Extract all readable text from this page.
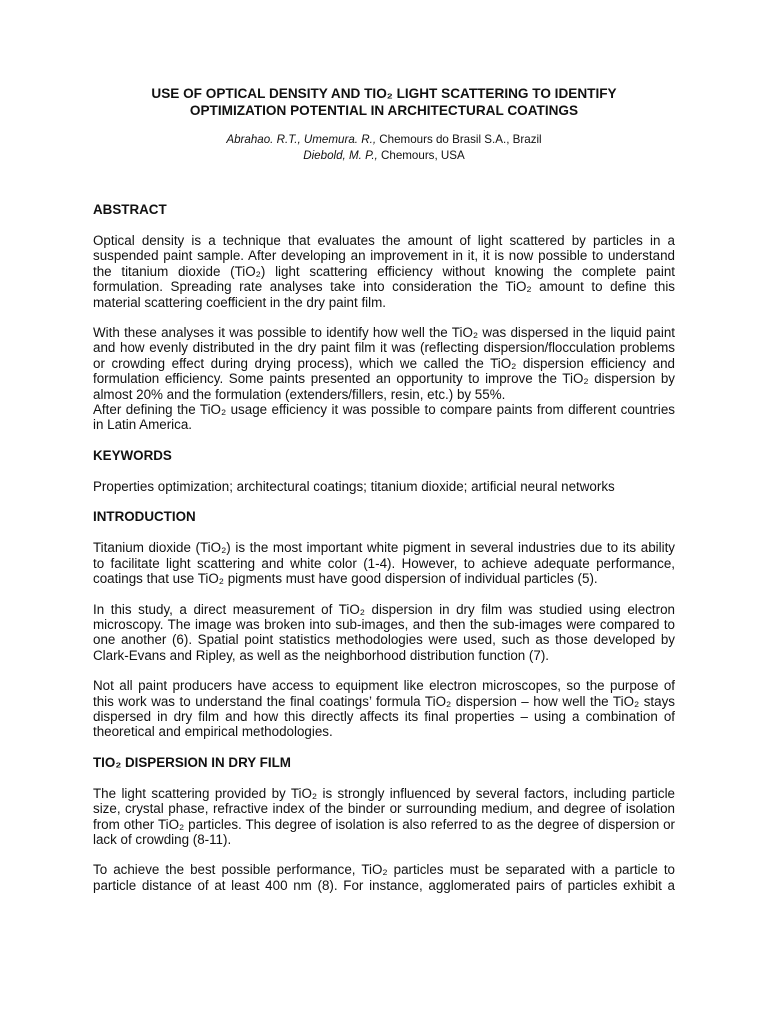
USE OF OPTICAL DENSITY AND TIO₂ LIGHT SCATTERING TO IDENTIFY
OPTIMIZATION POTENTIAL IN ARCHITECTURAL COATINGS

Abrahao. R.T., Umemura. R., Chemours do Brasil S.A., Brazil
Diebold, M. P., Chemours, USA
ABSTRACT

Optical density is a technique that evaluates the amount of light scattered by particles in a suspended paint sample. After developing an improvement in it, it is now possible to understand the titanium dioxide (TiO₂) light scattering efficiency without knowing the complete paint formulation. Spreading rate analyses take into consideration the TiO₂ amount to define this material scattering coefficient in the dry paint film.

With these analyses it was possible to identify how well the TiO₂ was dispersed in the liquid paint and how evenly distributed in the dry paint film it was (reflecting dispersion/flocculation problems or crowding effect during drying process), which we called the TiO₂ dispersion efficiency and formulation efficiency. Some paints presented an opportunity to improve the TiO₂ dispersion by almost 20% and the formulation (extenders/fillers, resin, etc.) by 55%.

After defining the TiO₂ usage efficiency it was possible to compare paints from different countries in Latin America.

KEYWORDS

Properties optimization; architectural coatings; titanium dioxide; artificial neural networks

INTRODUCTION

Titanium dioxide (TiO₂) is the most important white pigment in several industries due to its ability to facilitate light scattering and white color (1-4). However, to achieve adequate performance, coatings that use TiO₂ pigments must have good dispersion of individual particles (5).

In this study, a direct measurement of TiO₂ dispersion in dry film was studied using electron microscopy. The image was broken into sub-images, and then the sub-images were compared to one another (6). Spatial point statistics methodologies were used, such as those developed by Clark-Evans and Ripley, as well as the neighborhood distribution function (7).

Not all paint producers have access to equipment like electron microscopes, so the purpose of this work was to understand the final coatings’ formula TiO₂ dispersion – how well the TiO₂ stays dispersed in dry film and how this directly affects its final properties – using a combination of theoretical and empirical methodologies.

TIO₂ DISPERSION IN DRY FILM

The light scattering provided by TiO₂ is strongly influenced by several factors, including particle size, crystal phase, refractive index of the binder or surrounding medium, and degree of isolation from other TiO₂ particles. This degree of isolation is also referred to as the degree of dispersion or lack of crowding (8-11).

To achieve the best possible performance, TiO₂ particles must be separated with a particle to particle distance of at least 400 nm (8). For instance, agglomerated pairs of particles exhibit a
